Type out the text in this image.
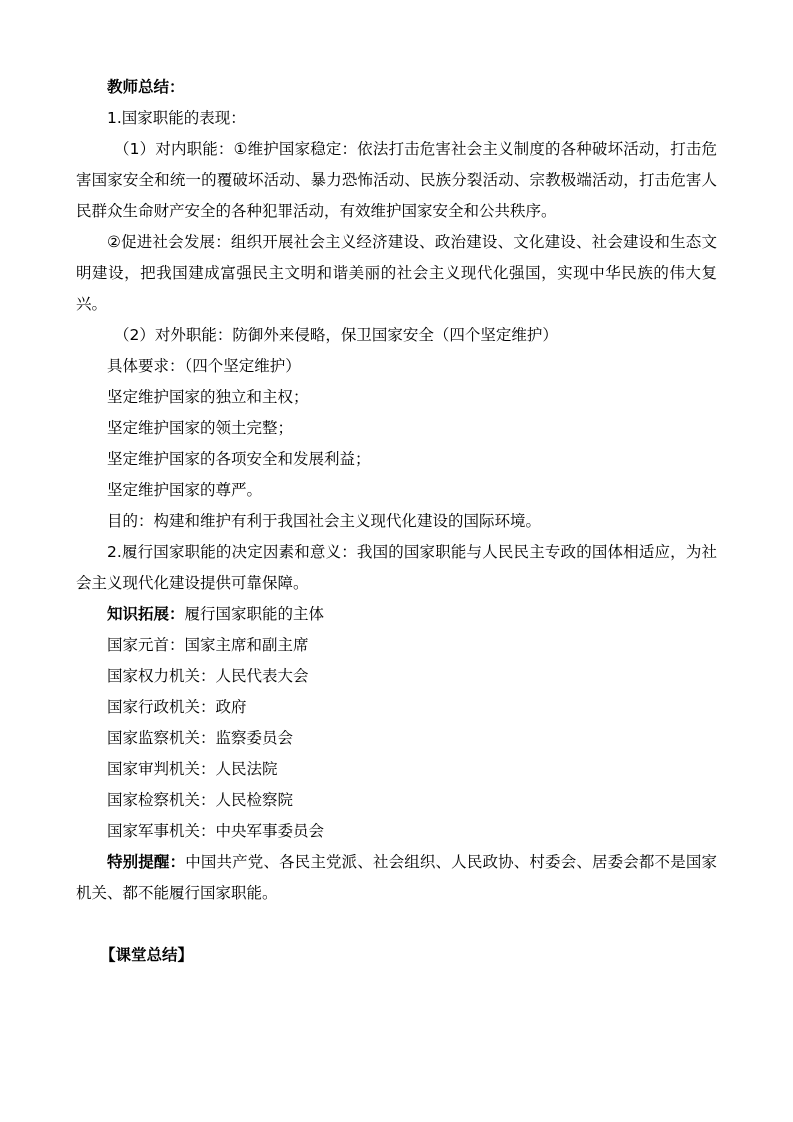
教师总结：

1.国家职能的表现：

（1）对内职能：①维护国家稳定：依法打击危害社会主义制度的各种破坏活动，打击危害国家安全和统一的覆破坏活动、暴力恐怖活动、民族分裂活动、宗教极端活动，打击危害人民群众生命财产安全的各种犯罪活动，有效维护国家安全和公共秩序。

②促进社会发展：组织开展社会主义经济建设、政治建设、文化建设、社会建设和生态文明建设，把我国建成富强民主文明和谐美丽的社会主义现代化强国，实现中华民族的伟大复兴。

（2）对外职能：防御外来侵略，保卫国家安全（四个坚定维护）

具体要求：（四个坚定维护）

坚定维护国家的独立和主权；

坚定维护国家的领土完整；

坚定维护国家的各项安全和发展利益；

坚定维护国家的尊严。

目的：构建和维护有利于我国社会主义现代化建设的国际环境。

2.履行国家职能的决定因素和意义：我国的国家职能与人民民主专政的国体相适应，为社会主义现代化建设提供可靠保障。

知识拓展：履行国家职能的主体

国家元首：国家主席和副主席

国家权力机关：人民代表大会

国家行政机关：政府

国家监察机关：监察委员会

国家审判机关：人民法院

国家检察机关：人民检察院

国家军事机关：中央军事委员会

特别提醒：中国共产党、各民主党派、社会组织、人民政协、村委会、居委会都不是国家机关、都不能履行国家职能。

【课堂总结】
